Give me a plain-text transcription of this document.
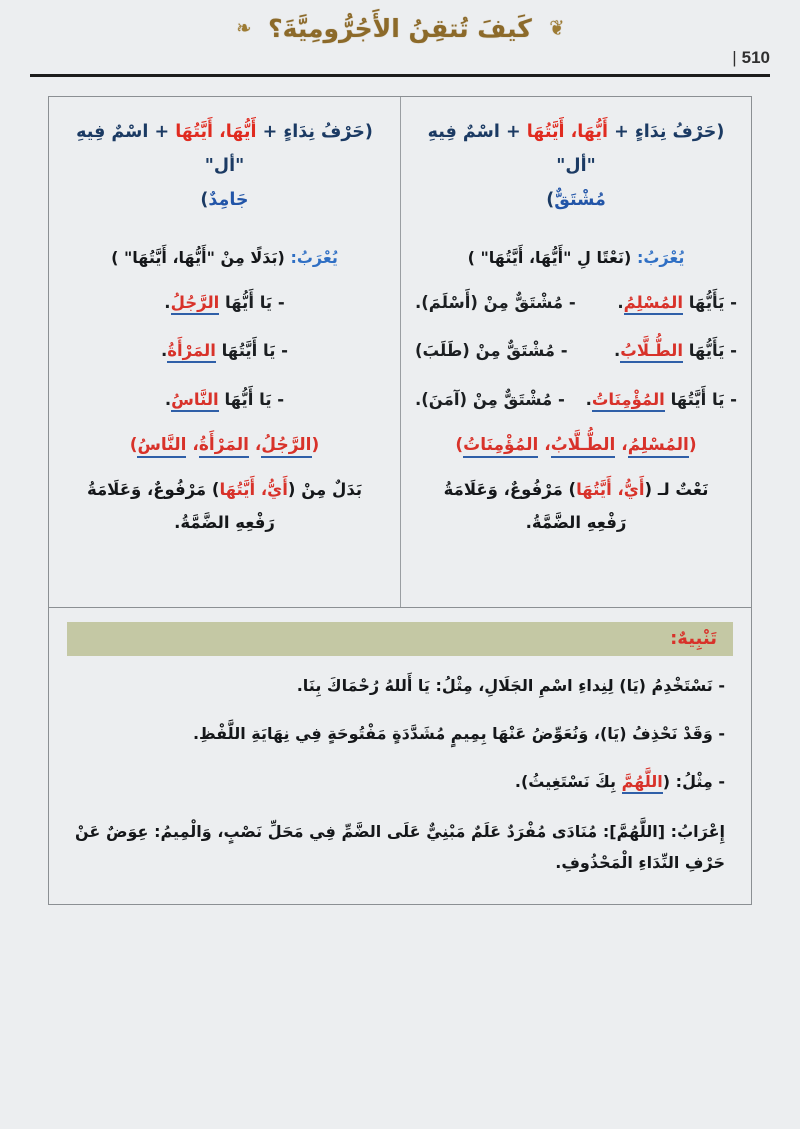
❦
كَيفَ تُتقِنُ الأَجُرُّومِيَّةَ؟
❧
| 510
(حَرْفُ نِدَاءٍ + أَيُّهَا، أَيَّتُهَا + اسْمٌ فِيهِ "أل"
مُشْتَقٌّ)
يُعْرَبُ: (نَعْتًا لِ "أَيُّهَا، أَيَّتُهَا" )
- يَأَيُّهَا المُسْلِمُ.
- مُشْتَقٌّ مِنْ (أَسْلَمَ).
- يَأَيُّهَا الطُّـلَّابُ.
- مُشْتَقٌّ مِنْ (طَلَبَ)
- يَا أَيَّتُهَا المُؤْمِنَاتُ.
- مُشْتَقٌّ مِنْ (آمَنَ).
(المُسْلِمُ، الطُّـلَّابُ، المُؤْمِنَاتُ)
نَعْتٌ لـ (أَيُّ، أَيَّتُهَا) مَرْفُوعٌ، وَعَلَامَةُ
رَفْعِهِ الضَّمَّةُ.
(حَرْفُ نِدَاءٍ + أَيُّهَا، أَيَّتُهَا + اسْمٌ فِيهِ "أل"
جَامِدٌ)
يُعْرَبُ: (بَدَلًا مِنْ "أَيُّهَا، أَيَّتُهَا" )
- يَا أَيُّهَا الرَّجُلُ.
- يَا أَيَّتُهَا المَرْأَةُ.
- يَا أَيُّهَا النَّاسُ.
(الرَّجُلُ، المَرْأَةُ، النَّاسُ)
بَدَلٌ مِنْ (أَيُّ، أَيَّتُهَا) مَرْفُوعٌ، وَعَلَامَةُ
رَفْعِهِ الضَّمَّةُ.
تَنْبِيهٌ:
- نَسْتَخْدِمُ (يَا) لِنِداءِ اسْمِ الجَلَالِ، مِثْلُ: يَا أَللهُ رُحْمَاكَ بِنَا.
- وَقَدْ نَحْذِفُ (يَا)، وَنُعَوِّضُ عَنْهَا بِمِيمٍ مُشَدَّدَةٍ مَفْتُوحَةٍ فِي نِهَايَةِ اللَّفْظِ.
- مِثْلُ: (اللَّهُمَّ بِكَ نَسْتَغِيثُ).
إِعْرَابُ: [اللَّهُمَّ]: مُنَادَى مُفْرَدٌ عَلَمٌ مَبْنِيٌّ عَلَى الضَّمِّ فِي مَحَلِّ نَصْبٍ، وَالْمِيمُ: عِوَضٌ عَنْ حَرْفِ النِّدَاءِ الْمَحْذُوفِ.
